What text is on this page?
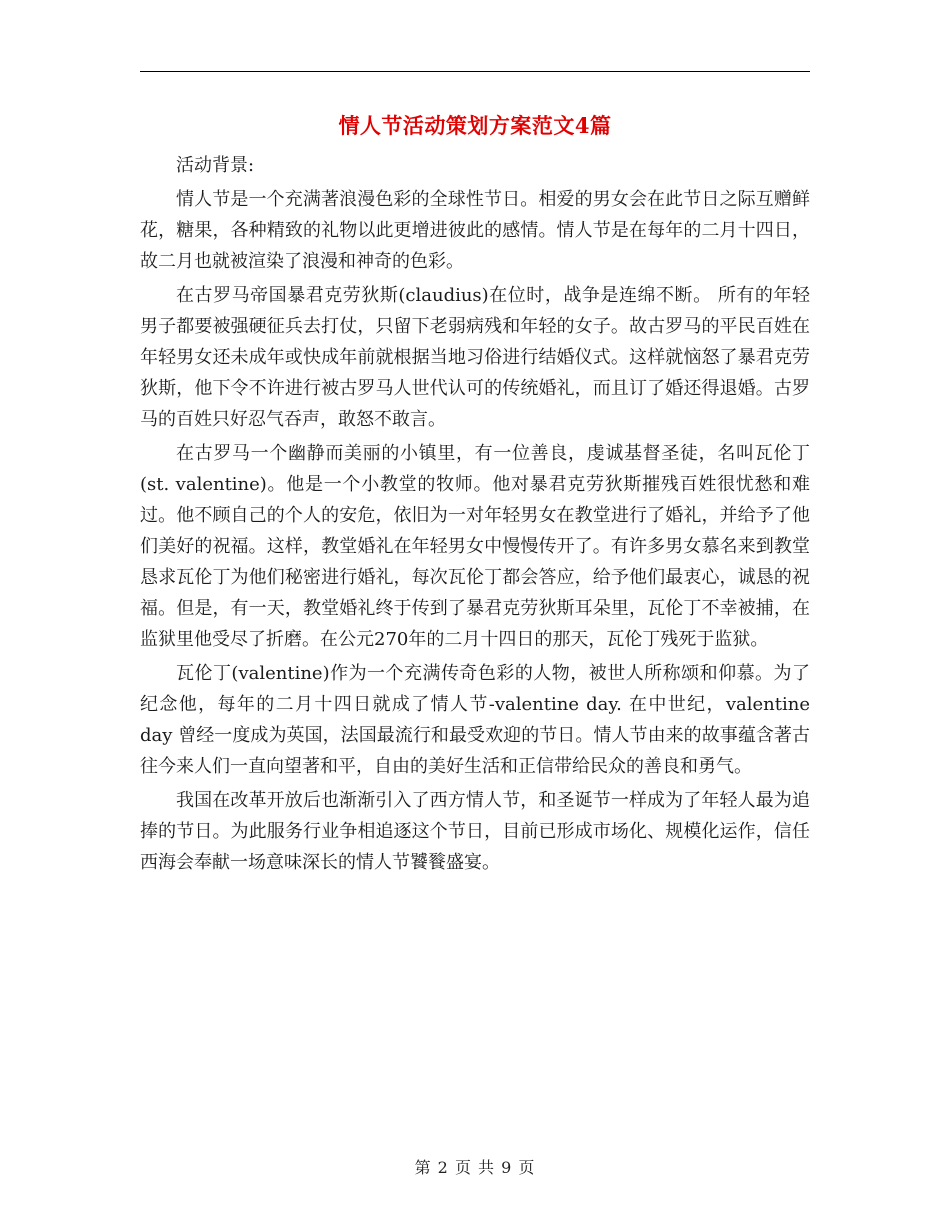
情人节活动策划方案范文4篇

活动背景:

情人节是一个充满著浪漫色彩的全球性节日。相爱的男女会在此节日之际互赠鲜花，糖果，各种精致的礼物以此更增进彼此的感情。情人节是在每年的二月十四日，故二月也就被渲染了浪漫和神奇的色彩。

在古罗马帝国暴君克劳狄斯(claudius)在位时，战争是连绵不断。 所有的年轻男子都要被强硬征兵去打仗，只留下老弱病残和年轻的女子。故古罗马的平民百姓在年轻男女还未成年或快成年前就根据当地习俗进行结婚仪式。这样就恼怒了暴君克劳狄斯，他下令不许进行被古罗马人世代认可的传统婚礼，而且订了婚还得退婚。古罗马的百姓只好忍气吞声，敢怒不敢言。

在古罗马一个幽静而美丽的小镇里，有一位善良，虔诚基督圣徒，名叫瓦伦丁(st. valentine)。他是一个小教堂的牧师。他对暴君克劳狄斯摧残百姓很忧愁和难过。他不顾自己的个人的安危，依旧为一对年轻男女在教堂进行了婚礼，并给予了他们美好的祝福。这样，教堂婚礼在年轻男女中慢慢传开了。有许多男女慕名来到教堂恳求瓦伦丁为他们秘密进行婚礼，每次瓦伦丁都会答应，给予他们最衷心，诚恳的祝福。但是，有一天，教堂婚礼终于传到了暴君克劳狄斯耳朵里，瓦伦丁不幸被捕，在监狱里他受尽了折磨。在公元270年的二月十四日的那天，瓦伦丁残死于监狱。

瓦伦丁(valentine)作为一个充满传奇色彩的人物，被世人所称颂和仰慕。为了纪念他，每年的二月十四日就成了情人节-valentine day. 在中世纪，valentine day 曾经一度成为英国，法国最流行和最受欢迎的节日。情人节由来的故事蕴含著古往今来人们一直向望著和平，自由的美好生活和正信带给民众的善良和勇气。

我国在改革开放后也渐渐引入了西方情人节，和圣诞节一样成为了年轻人最为追捧的节日。为此服务行业争相追逐这个节日，目前已形成市场化、规模化运作，信任西海会奉献一场意味深长的情人节饕餮盛宴。

第 2 页 共 9 页
